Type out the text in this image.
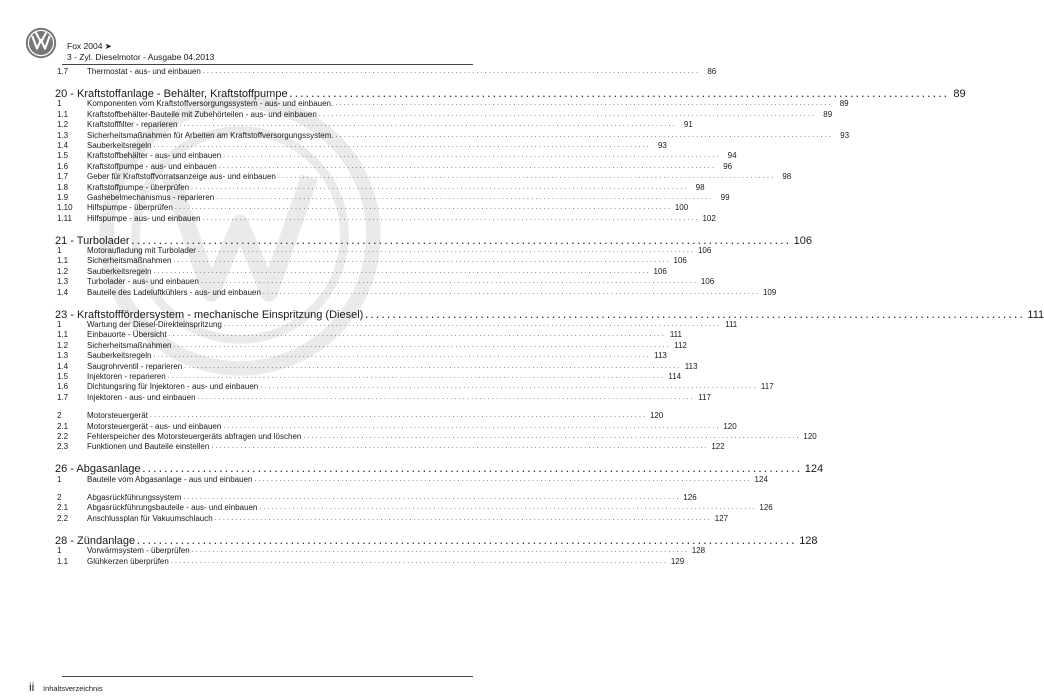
Fox 2004 ➤
3 - Zyl. Dieselmotor - Ausgabe 04.2013
1.7	Thermostat - aus- und einbauen ........................................................................................................................ 86
20 - Kraftstoffanlage - Behälter, Kraftstoffpumpe ........................................................................................................................ 89
1	Komponenten vom Kraftstoffversorgungssystem - aus- und einbauen. ........................................................................................................................ 89
1.1	Kraftstoffbehälter-Bauteile mit Zubehörteilen - aus- und einbauen ........................................................................................................................ 89
1.2	Kraftstofffilter - reparieren ........................................................................................................................ 91
1.3	Sicherheitsmaßnahmen für Arbeiten am Kraftstoffversorgungssystem. ........................................................................................................................ 93
1.4	Sauberkeitsregeln ........................................................................................................................ 93
1.5	Kraftstoffbehälter - aus- und einbauen ........................................................................................................................ 94
1.6	Kraftstoffpumpe - aus- und einbauen ........................................................................................................................ 96
1.7	Geber für Kraftstoffvorratsanzeige aus- und einbauen ........................................................................................................................ 98
1.8	Kraftstoffpumpe - überprüfen ........................................................................................................................ 98
1.9	Gashebelmechanismus - reparieren ........................................................................................................................ 99
1.10	Hilfspumpe - überprüfen ........................................................................................................................ 100
1.11	Hilfspumpe - aus- und einbauen ........................................................................................................................ 102
21 - Turbolader ........................................................................................................................ 106
1	Motoraufladung mit Turbolader ........................................................................................................................ 106
1.1	Sicherheitsmaßnahmen ........................................................................................................................ 106
1.2	Sauberkeitsregeln ........................................................................................................................ 106
1.3	Turbolader - aus- und einbauen ........................................................................................................................ 106
1.4	Bauteile des Ladeluftkühlers - aus- und einbauen ........................................................................................................................ 109
23 - Kraftstofffördersystem - mechanische Einspritzung (Diesel) ........................................................................................................................ 111
1	Wartung der Diesel-Direkteinspritzung ........................................................................................................................ 111
1.1	Einbauorte - Übersicht ........................................................................................................................ 111
1.2	Sicherheitsmaßnahmen ........................................................................................................................ 112
1.3	Sauberkeitsregeln ........................................................................................................................ 113
1.4	Saugrohrventil - reparieren ........................................................................................................................ 113
1.5	Injektoren - reparieren ........................................................................................................................ 114
1.6	Dichtungsring für Injektoren - aus- und einbauen ........................................................................................................................ 117
1.7	Injektoren - aus- und einbauen ........................................................................................................................ 117
2	Motorsteuergerät ........................................................................................................................ 120
2.1	Motorsteuergerät - aus- und einbauen ........................................................................................................................ 120
2.2	Fehlerspeicher des Motorsteuergeräts abfragen und löschen ........................................................................................................................ 120
2.3	Funktionen und Bauteile einstellen ........................................................................................................................ 122
26 - Abgasanlage ........................................................................................................................ 124
1	Bauteile vom Abgasanlage - aus und einbauen ........................................................................................................................ 124
2	Abgasrückführungssystem ........................................................................................................................ 126
2.1	Abgasrückführungsbauteile - aus- und einbauen ........................................................................................................................ 126
2.2	Anschlussplan für Vakuumschlauch ........................................................................................................................ 127
28 - Zündanlage ........................................................................................................................ 128
1	Vorwärmsystem - überprüfen ........................................................................................................................ 128
1.1	Glühkerzen überprüfen ........................................................................................................................ 129
ii Inhaltsverzeichnis
